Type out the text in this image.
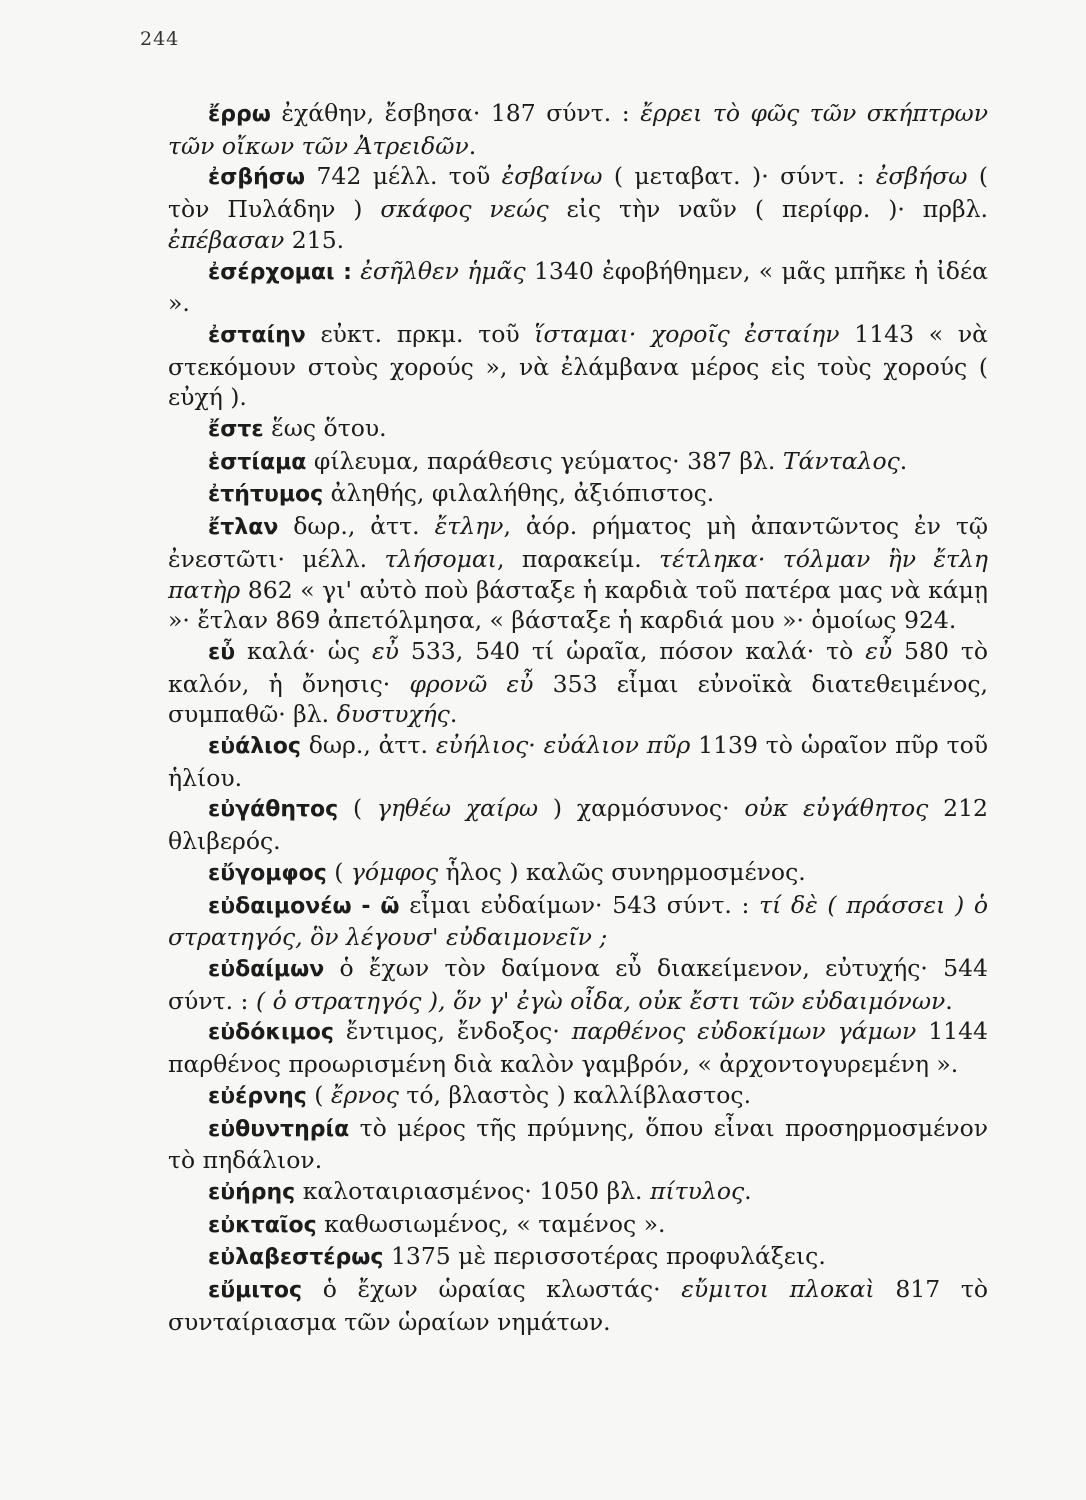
244

ἔρρω ἐχάθην, ἔσβησα· 187 σύντ. : ἔρρει τὸ φῶς τῶν σκήπτρων τῶν οἴκων τῶν Ἀτρειδῶν.

ἐσβήσω 742 μέλλ. τοῦ ἐσβαίνω ( μεταβατ. )· σύντ. : ἐσβήσω ( τὸν Πυλάδην ) σκάφος νεώς εἰς τὴν ναῦν ( περίφρ. )· πρβλ. ἐπέβασαν 215.

ἐσέρχομαι : ἐσῆλθεν ἡμᾶς 1340 ἐφοβήθημεν, « μᾶς μπῆκε ἡ ἰδέα ».

ἐσταίην εὐκτ. πρκμ. τοῦ ἵσταμαι· χοροῖς ἐσταίην 1143 « νὰ στεκόμουν στοὺς χορούς », νὰ ἐλάμβανα μέρος εἰς τοὺς χορούς ( εὐχή ).

ἔστε ἕως ὅτου.

ἑστίαμα φίλευμα, παράθεσις γεύματος· 387 βλ. Τάνταλος.

ἐτήτυμος ἀληθής, φιλαλήθης, ἀξιόπιστος.

ἔτλαν δωρ., ἀττ. ἔτλην, ἀόρ. ρήματος μὴ ἀπαντῶντος ἐν τῷ ἐνεστῶτι· μέλλ. τλήσομαι, παρακείμ. τέτληκα· τόλμαν ἣν ἔτλη πατὴρ 862 « γι' αὐτὸ ποὺ βάσταξε ἡ καρδιὰ τοῦ πατέρα μας νὰ κάμῃ »· ἔτλαν 869 ἀπετόλμησα, « βάσταξε ἡ καρδιά μου »· ὁμοίως 924.

εὖ καλά· ὡς εὖ 533, 540 τί ὡραῖα, πόσον καλά· τὸ εὖ 580 τὸ καλόν, ἡ ὄνησις· φρονῶ εὖ 353 εἶμαι εὐνοϊκὰ διατεθειμένος, συμπαθῶ· βλ. δυστυχής.

εὐάλιος δωρ., ἀττ. εὐήλιος· εὐάλιον πῦρ 1139 τὸ ὡραῖον πῦρ τοῦ ἡλίου.

εὐγάθητος ( γηθέω χαίρω ) χαρμόσυνος· οὐκ εὐγάθητος 212 θλιβερός.

εὔγομφος ( γόμφος ἧλος ) καλῶς συνηρμοσμένος.

εὐδαιμονέω - ῶ εἶμαι εὐδαίμων· 543 σύντ. : τί δὲ ( πράσσει ) ὁ στρατηγός, ὃν λέγουσ' εὐδαιμονεῖν ;

εὐδαίμων ὁ ἔχων τὸν δαίμονα εὖ διακείμενον, εὐτυχής· 544 σύντ. : ( ὁ στρατηγός ), ὅν γ' ἐγὼ οἶδα, οὐκ ἔστι τῶν εὐδαιμόνων.

εὐδόκιμος ἔντιμος, ἔνδοξος· παρθένος εὐδοκίμων γάμων 1144 παρθένος προωρισμένη διὰ καλὸν γαμβρόν, « ἀρχοντογυρεμένη ».

εὐέρνης ( ἔρνος τό, βλαστὸς ) καλλίβλαστος.

εὐθυντηρία τὸ μέρος τῆς πρύμνης, ὅπου εἶναι προσηρμοσμένον τὸ πηδάλιον.

εὐήρης καλοταιριασμένος· 1050 βλ. πίτυλος.

εὐκταῖος καθωσιωμένος, « ταμένος ».

εὐλαβεστέρως 1375 μὲ περισσοτέρας προφυλάξεις.

εὔμιτος ὁ ἔχων ὡραίας κλωστάς· εὔμιτοι πλοκαὶ 817 τὸ συνταίριασμα τῶν ὡραίων νημάτων.
